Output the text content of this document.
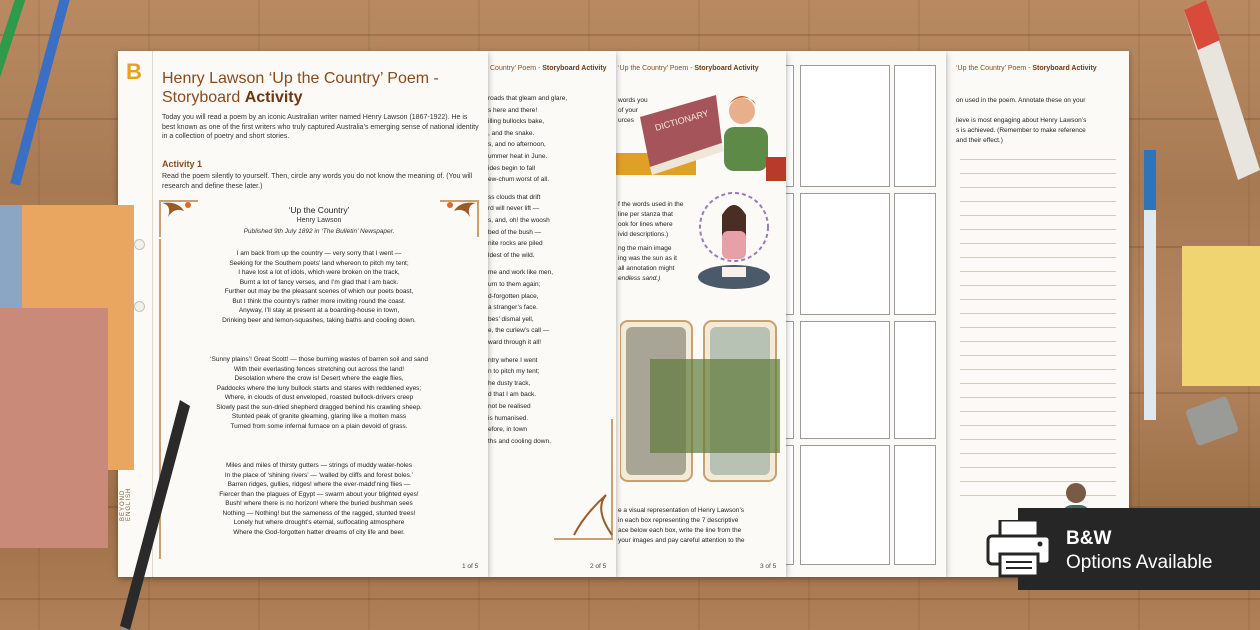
‘Up the Country’ Poem - Storyboard Activity
on used in the poem. Annotate these on your
lieve is most engaging about Henry Lawson’s
s is achieved. (Remember to make reference
and their effect.)
‘Up the Country’ Poem - Storyboard Activity
words you
of your
urces DICTIONARY
f the words used in the
line per stanza that
ook for lines where
ivid descriptions.)
ng the main image
ing was the sun as it
all annotation might
endless sand.)
e a visual representation of Henry Lawson’s
in each box representing the 7 descriptive
ace below each box, write the line from the
your images and pay careful attention to the
3 of 5
Country’ Poem - Storyboard Activity
roads that gleam and glare,
s here and there!
illing bullocks bake,
, and the snake.
s, and no afternoon,
ummer heat in June.
ides begin to fall
ew-chum worst of all.
ss clouds that drift
rd will never lift —
s, and, oh! the woosh
bed of the bush —
nite rocks are piled
ldest of the wild.
me and work like men,
urn to them again;
d-forgotten place,
a stranger’s face.
bes’ dismal yell,
e, the curlew’s call —
ward through it all!
ntry where I went
n to pitch my tent;
he dusty track,
d that I am back.
not be realised
is humanised.
efore, in town
ths and cooling down.
2 of 5
B
BEYOND ENGLISH
Henry Lawson ‘Up the Country’ Poem - Storyboard Activity
Today you will read a poem by an iconic Australian writer named Henry Lawson (1867-1922). He is best known as one of the first writers who truly captured Australia’s emerging sense of national identity in a collection of poetry and short stories.
Activity 1
Read the poem silently to yourself. Then, circle any words you do not know the meaning of. (You will research and define these later.)
‘Up the Country’
Henry Lawson
Published 9th July 1892 in ‘The Bulletin’ Newspaper.
I am back from up the country — very sorry that I went —
Seeking for the Southern poets’ land whereon to pitch my tent;
I have lost a lot of idols, which were broken on the track,
Burnt a lot of fancy verses, and I’m glad that I am back.
Further out may be the pleasant scenes of which our poets boast,
But I think the country’s rather more inviting round the coast.
Anyway, I’ll stay at present at a boarding-house in town,
Drinking beer and lemon-squashes, taking baths and cooling down.
‘Sunny plains’! Great Scott! — those burning wastes of barren soil and sand
With their everlasting fences stretching out across the land!
Desolation where the crow is! Desert where the eagle flies,
Paddocks where the luny bullock starts and stares with reddened eyes;
Where, in clouds of dust enveloped, roasted bullock-drivers creep
Slowly past the sun-dried shepherd dragged behind his crawling sheep.
Stunted peak of granite gleaming, glaring like a molten mass
Turned from some infernal furnace on a plain devoid of grass.
Miles and miles of thirsty gutters — strings of muddy water-holes
In the place of ‘shining rivers’ — ‘walled by cliffs and forest boles.’
Barren ridges, gullies, ridges! where the ever-madd’ning flies —
Fiercer than the plagues of Egypt — swarm about your blighted eyes!
Bush! where there is no horizon! where the buried bushman sees
Nothing — Nothing! but the sameness of the ragged, stunted trees!
Lonely hut where drought’s eternal, suffocating atmosphere
Where the God-forgotten hatter dreams of city life and beer.
1 of 5
B&W
Options Available
